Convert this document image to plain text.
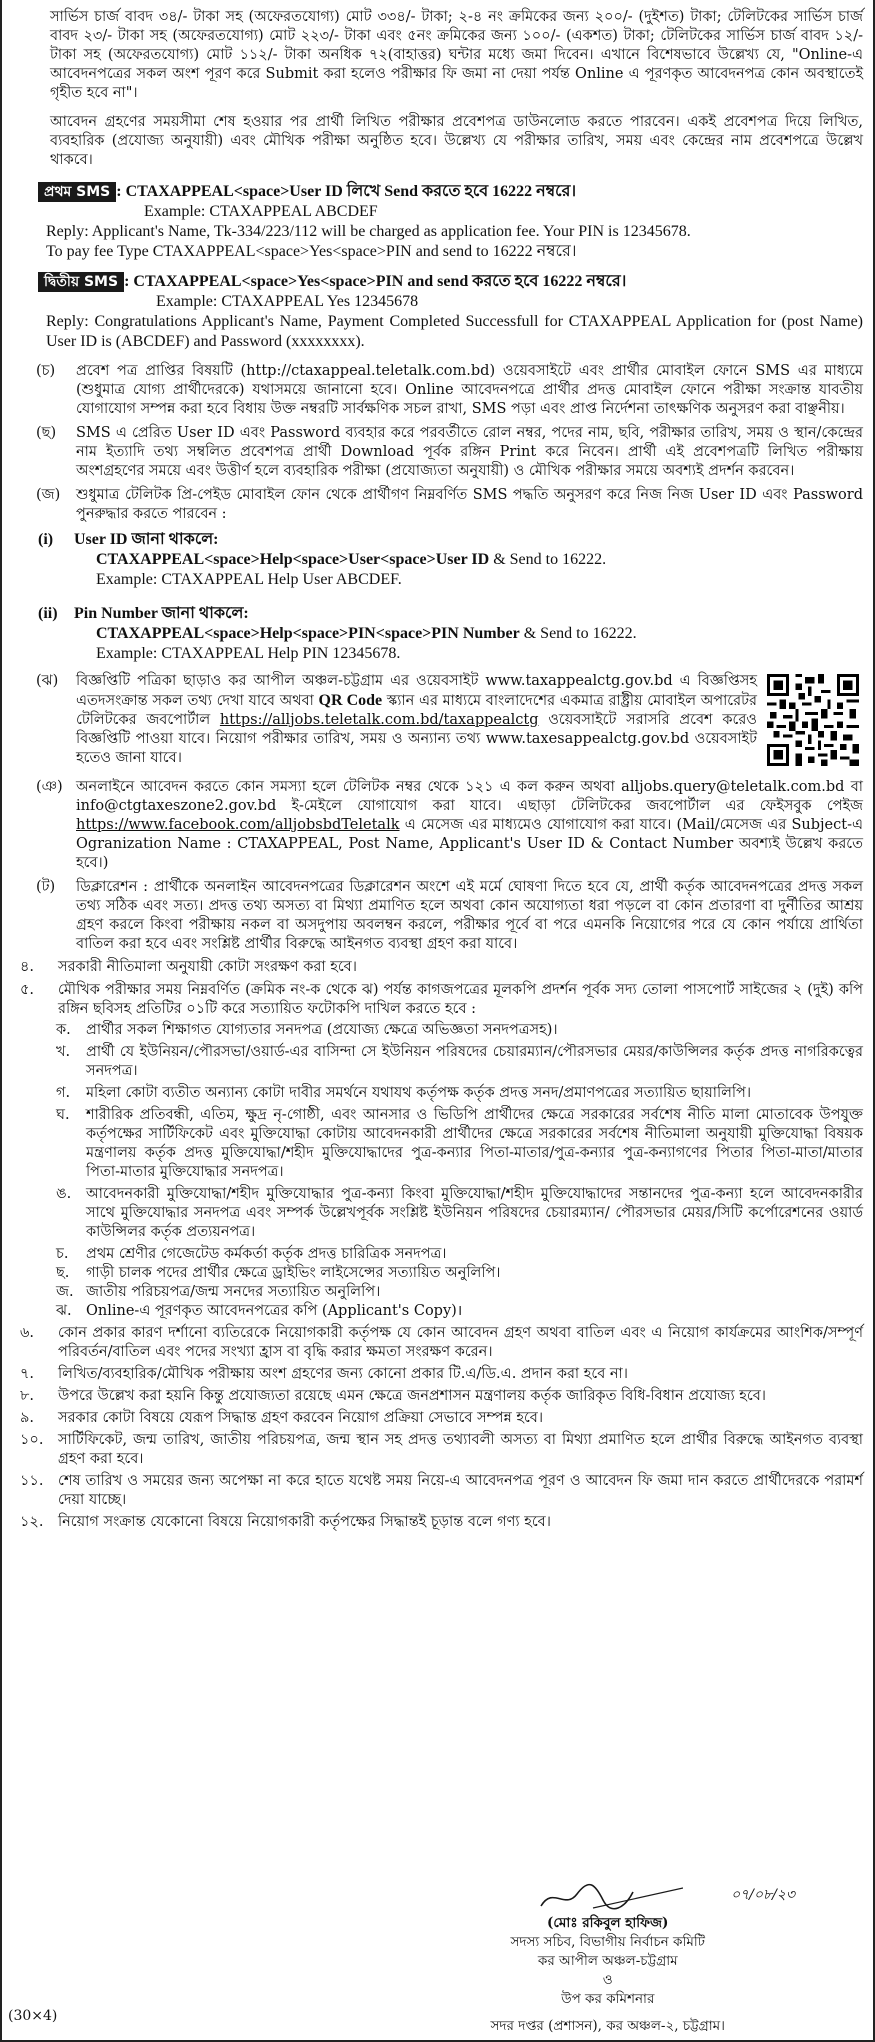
সার্ভিস চার্জ বাবদ ৩৪/- টাকা সহ (অফেরতযোগ্য) মোট ৩৩৪/- টাকা; ২-৪ নং ক্রমিকের জন্য ২০০/- (দুইশত) টাকা; টেলিটকের সার্ভিস চার্জ বাবদ ২৩/- টাকা সহ (অফেরতযোগ্য) মোট ২২৩/- টাকা এবং ৫নং ক্রমিকের জন্য ১০০/- (একশত) টাকা; টেলিটকের সার্ভিস চার্জ বাবদ ১২/- টাকা সহ (অফেরতযোগ্য) মোট ১১২/- টাকা অনধিক ৭২(বাহাত্তর) ঘন্টার মধ্যে জমা দিবেন। এখানে বিশেষভাবে উল্লেখ্য যে, "Online-এ আবেদনপত্রের সকল অংশ পূরণ করে Submit করা হলেও পরীক্ষার ফি জমা না দেয়া পর্যন্ত Online এ পূরণকৃত আবেদনপত্র কোন অবস্থাতেই গৃহীত হবে না"।

আবেদন গ্রহণের সময়সীমা শেষ হওয়ার পর প্রার্থী লিখিত পরীক্ষার প্রবেশপত্র ডাউনলোড করতে পারবেন। একই প্রবেশপত্র দিয়ে লিখিত, ব্যবহারিক (প্রযোজ্য অনুযায়ী) এবং মৌখিক পরীক্ষা অনুষ্ঠিত হবে। উল্লেখ্য যে পরীক্ষার তারিখ, সময় এবং কেন্দ্রের নাম প্রবেশপত্রে উল্লেখ থাকবে।

প্রথম SMS : CTAXAPPEAL<space>User ID লিখে Send করতে হবে 16222 নম্বরে।
Example: CTAXAPPEAL ABCDEF
Reply: Applicant's Name, Tk-334/223/112 will be charged as application fee. Your PIN is 12345678.
To pay fee Type CTAXAPPEAL<space>Yes<space>PIN and send to 16222 নম্বরে।
দ্বিতীয় SMS : CTAXAPPEAL<space>Yes<space>PIN and send করতে হবে 16222 নম্বরে।
Example: CTAXAPPEAL Yes 12345678
Reply: Congratulations Applicant's Name, Payment Completed Successfull for CTAXAPPEAL Application for (post Name) User ID is (ABCDEF) and Password (xxxxxxxx).
(চ)	প্রবেশ পত্র প্রাপ্তির বিষয়টি (http://ctaxappeal.teletalk.com.bd) ওয়েবসাইটে এবং প্রার্থীর মোবাইল ফোনে SMS এর মাধ্যমে (শুধুমাত্র যোগ্য প্রার্থীদেরকে) যথাসময়ে জানানো হবে। Online আবেদনপত্রে প্রার্থীর প্রদত্ত মোবাইল ফোনে পরীক্ষা সংক্রান্ত যাবতীয় যোগাযোগ সম্পন্ন করা হবে বিধায় উক্ত নম্বরটি সার্বক্ষণিক সচল রাখা, SMS পড়া এবং প্রাপ্ত নির্দেশনা তাৎক্ষণিক অনুসরণ করা বাঞ্ছনীয়।
(ছ)	SMS এ প্রেরিত User ID এবং Password ব্যবহার করে পরবর্তীতে রোল নম্বর, পদের নাম, ছবি, পরীক্ষার তারিখ, সময় ও স্থান/কেন্দ্রের নাম ইত্যাদি তথ্য সম্বলিত প্রবেশপত্র প্রার্থী Download পূর্বক রঙ্গিন Print করে নিবেন। প্রার্থী এই প্রবেশপত্রটি লিখিত পরীক্ষায় অংশগ্রহণের সময়ে এবং উত্তীর্ণ হলে ব্যবহারিক পরীক্ষা (প্রযোজ্যতা অনুযায়ী) ও মৌখিক পরীক্ষার সময়ে অবশ্যই প্রদর্শন করবেন।
(জ)	শুধুমাত্র টেলিটক প্রি-পেইড মোবাইল ফোন থেকে প্রার্থীগণ নিম্নবর্ণিত SMS পদ্ধতি অনুসরণ করে নিজ নিজ User ID এবং Password পুনরুদ্ধার করতে পারবেন :
(i) User ID জানা থাকলে:
CTAXAPPEAL<space>Help<space>User<space>User ID & Send to 16222.
Example: CTAXAPPEAL Help User ABCDEF.
(ii) Pin Number জানা থাকলে:
CTAXAPPEAL<space>Help<space>PIN<space>PIN Number & Send to 16222.
Example: CTAXAPPEAL Help PIN 12345678.
(ঝ)	বিজ্ঞপ্তিটি পত্রিকা ছাড়াও কর আপীল অঞ্চল-চট্টগ্রাম এর ওয়েবসাইট www.taxappealctg.gov.bd এ বিজ্ঞপ্তিসহ এতদসংক্রান্ত সকল তথ্য দেখা যাবে অথবা QR Code স্ক্যান এর মাধ্যমে বাংলাদেশের একমাত্র রাষ্ট্রীয় মোবাইল অপারেটর টেলিটকের জবপোর্টাল https://alljobs.teletalk.com.bd/taxappealctg ওয়েবসাইটে সরাসরি প্রবেশ করেও বিজ্ঞপ্তিটি পাওয়া যাবে। নিয়োগ পরীক্ষার তারিখ, সময় ও অন্যান্য তথ্য www.taxesappealctg.gov.bd ওয়েবসাইট হতেও জানা যাবে।
(ঞ) অনলাইনে আবেদন করতে কোন সমস্যা হলে টেলিটক নম্বর থেকে ১২১ এ কল করুন অথবা alljobs.query@teletalk.com.bd বা info@ctgtaxeszone2.gov.bd ই-মেইলে যোগাযোগ করা যাবে। এছাড়া টেলিটকের জবপোর্টাল এর ফেইসবুক পেইজ https://www.facebook.com/alljobsbdTeletalk এ মেসেজ এর মাধ্যমেও যোগাযোগ করা যাবে। (Mail/মেসেজ এর Subject-এ Ogranization Name : CTAXAPPEAL, Post Name, Applicant's User ID & Contact Number অবশ্যই উল্লেখ করতে হবে।)
(ট)	ডিক্লারেশন : প্রার্থীকে অনলাইন আবেদনপত্রের ডিক্লারেশন অংশে এই মর্মে ঘোষণা দিতে হবে যে, প্রার্থী কর্তৃক আবেদনপত্রের প্রদত্ত সকল তথ্য সঠিক এবং সত্য। প্রদত্ত তথ্য অসত্য বা মিথ্যা প্রমাণিত হলে অথবা কোন অযোগ্যতা ধরা পড়লে বা কোন প্রতারণা বা দুর্নীতির আশ্রয় গ্রহণ করলে কিংবা পরীক্ষায় নকল বা অসদুপায় অবলম্বন করলে, পরীক্ষার পূর্বে বা পরে এমনকি নিয়োগের পরে যে কোন পর্যায়ে প্রার্থিতা বাতিল করা হবে এবং সংশ্লিষ্ট প্রার্থীর বিরুদ্ধে আইনগত ব্যবস্থা গ্রহণ করা যাবে।
৪.	সরকারী নীতিমালা অনুযায়ী কোটা সংরক্ষণ করা হবে।
৫.	মৌখিক পরীক্ষার সময় নিম্নবর্ণিত (ক্রমিক নং-ক থেকে ঝ) পর্যন্ত কাগজপত্রের মূলকপি প্রদর্শন পূর্বক সদ্য তোলা পাসপোর্ট সাইজের ২ (দুই) কপি রঙ্গিন ছবিসহ প্রতিটির ০১টি করে সত্যায়িত ফটোকপি দাখিল করতে হবে :
ক.	প্রার্থীর সকল শিক্ষাগত যোগ্যতার সনদপত্র (প্রযোজ্য ক্ষেত্রে অভিজ্ঞতা সনদপত্রসহ)।
খ.	প্রার্থী যে ইউনিয়ন/পৌরসভা/ওয়ার্ড-এর বাসিন্দা সে ইউনিয়ন পরিষদের চেয়ারম্যান/পৌরসভার মেয়র/কাউন্সিলর কর্তৃক প্রদত্ত নাগরিকত্বের সনদপত্র।
গ.	মহিলা কোটা ব্যতীত অন্যান্য কোটা দাবীর সমর্থনে যথাযথ কর্তৃপক্ষ কর্তৃক প্রদত্ত সনদ/প্রমাণপত্রের সত্যায়িত ছায়ালিপি।
ঘ.	শারীরিক প্রতিবন্ধী, এতিম, ক্ষুদ্র নৃ-গোষ্ঠী, এবং আনসার ও ভিডিপি প্রার্থীদের ক্ষেত্রে সরকারের সর্বশেষ নীতি মালা মোতাবেক উপযুক্ত কর্তৃপক্ষের সার্টিফিকেট এবং মুক্তিযোদ্ধা কোটায় আবেদনকারী প্রার্থীদের ক্ষেত্রে সরকারের সর্বশেষ নীতিমালা অনুযায়ী মুক্তিযোদ্ধা বিষয়ক মন্ত্রণালয় কর্তৃক প্রদত্ত মুক্তিযোদ্ধা/শহীদ মুক্তিযোদ্ধাদের পুত্র-কন্যার পিতা-মাতার/পুত্র-কন্যার পুত্র-কন্যাগণের পিতার পিতা-মাতা/মাতার পিতা-মাতার মুক্তিযোদ্ধার সনদপত্র।
ঙ.	আবেদনকারী মুক্তিযোদ্ধা/শহীদ মুক্তিযোদ্ধার পুত্র-কন্যা কিংবা মুক্তিযোদ্ধা/শহীদ মুক্তিযোদ্ধাদের সন্তানদের পুত্র-কন্যা হলে আবেদনকারীর সাথে মুক্তিযোদ্ধার সনদপত্র এবং সম্পর্ক উল্লেখপূর্বক সংশ্লিষ্ট ইউনিয়ন পরিষদের চেয়ারম্যান/ পৌরসভার মেয়র/সিটি কর্পোরেশনের ওয়ার্ড কাউন্সিলর কর্তৃক প্রত্যয়নপত্র।
চ.	প্রথম শ্রেণীর গেজেটেড কর্মকর্তা কর্তৃক প্রদত্ত চারিত্রিক সনদপত্র।
ছ.	গাড়ী চালক পদের প্রার্থীর ক্ষেত্রে ড্রাইভিং লাইসেন্সের সত্যায়িত অনুলিপি।
জ. জাতীয় পরিচয়পত্র/জন্ম সনদের সত্যায়িত অনুলিপি।
ঝ. Online-এ পূরণকৃত আবেদনপত্রের কপি (Applicant's Copy)।
৬.	কোন প্রকার কারণ দর্শানো ব্যতিরেকে নিয়োগকারী কর্তৃপক্ষ যে কোন আবেদন গ্রহণ অথবা বাতিল এবং এ নিয়োগ কার্যক্রমের আংশিক/সম্পূর্ণ পরিবর্তন/বাতিল এবং পদের সংখ্যা হ্রাস বা বৃদ্ধি করার ক্ষমতা সংরক্ষণ করেন।
৭.	লিখিত/ব্যবহারিক/মৌখিক পরীক্ষায় অংশ গ্রহণের জন্য কোনো প্রকার টি.এ/ডি.এ. প্রদান করা হবে না।
৮.	উপরে উল্লেখ করা হয়নি কিন্তু প্রযোজ্যতা রয়েছে এমন ক্ষেত্রে জনপ্রশাসন মন্ত্রণালয় কর্তৃক জারিকৃত বিধি-বিধান প্রযোজ্য হবে।
৯.	সরকার কোটা বিষয়ে যেরূপ সিদ্ধান্ত গ্রহণ করবেন নিয়োগ প্রক্রিয়া সেভাবে সম্পন্ন হবে।
১০.	সার্টিফিকেট, জন্ম তারিখ, জাতীয় পরিচয়পত্র, জন্ম স্থান সহ প্রদত্ত তথ্যাবলী অসত্য বা মিথ্যা প্রমাণিত হলে প্রার্থীর বিরুদ্ধে আইনগত ব্যবস্থা গ্রহণ করা হবে।
১১.	শেষ তারিখ ও সময়ের জন্য অপেক্ষা না করে হাতে যথেষ্ট সময় নিয়ে-এ আবেদনপত্র পূরণ ও আবেদন ফি জমা দান করতে প্রার্থীদেরকে পরামর্শ দেয়া যাচ্ছে।
১২.	নিয়োগ সংক্রান্ত যেকোনো বিষয়ে নিয়োগকারী কর্তৃপক্ষের সিদ্ধান্তই চূড়ান্ত বলে গণ্য হবে।
০৭/০৮/২৩
(মোঃ রকিবুল হাফিজ)
সদস্য সচিব, বিভাগীয় নির্বাচন কমিটি
কর আপীল অঞ্চল-চট্টগ্রাম
ও
উপ কর কমিশনার
সদর দপ্তর (প্রশাসন), কর অঞ্চল-২, চট্টগ্রাম।
(30×4)
